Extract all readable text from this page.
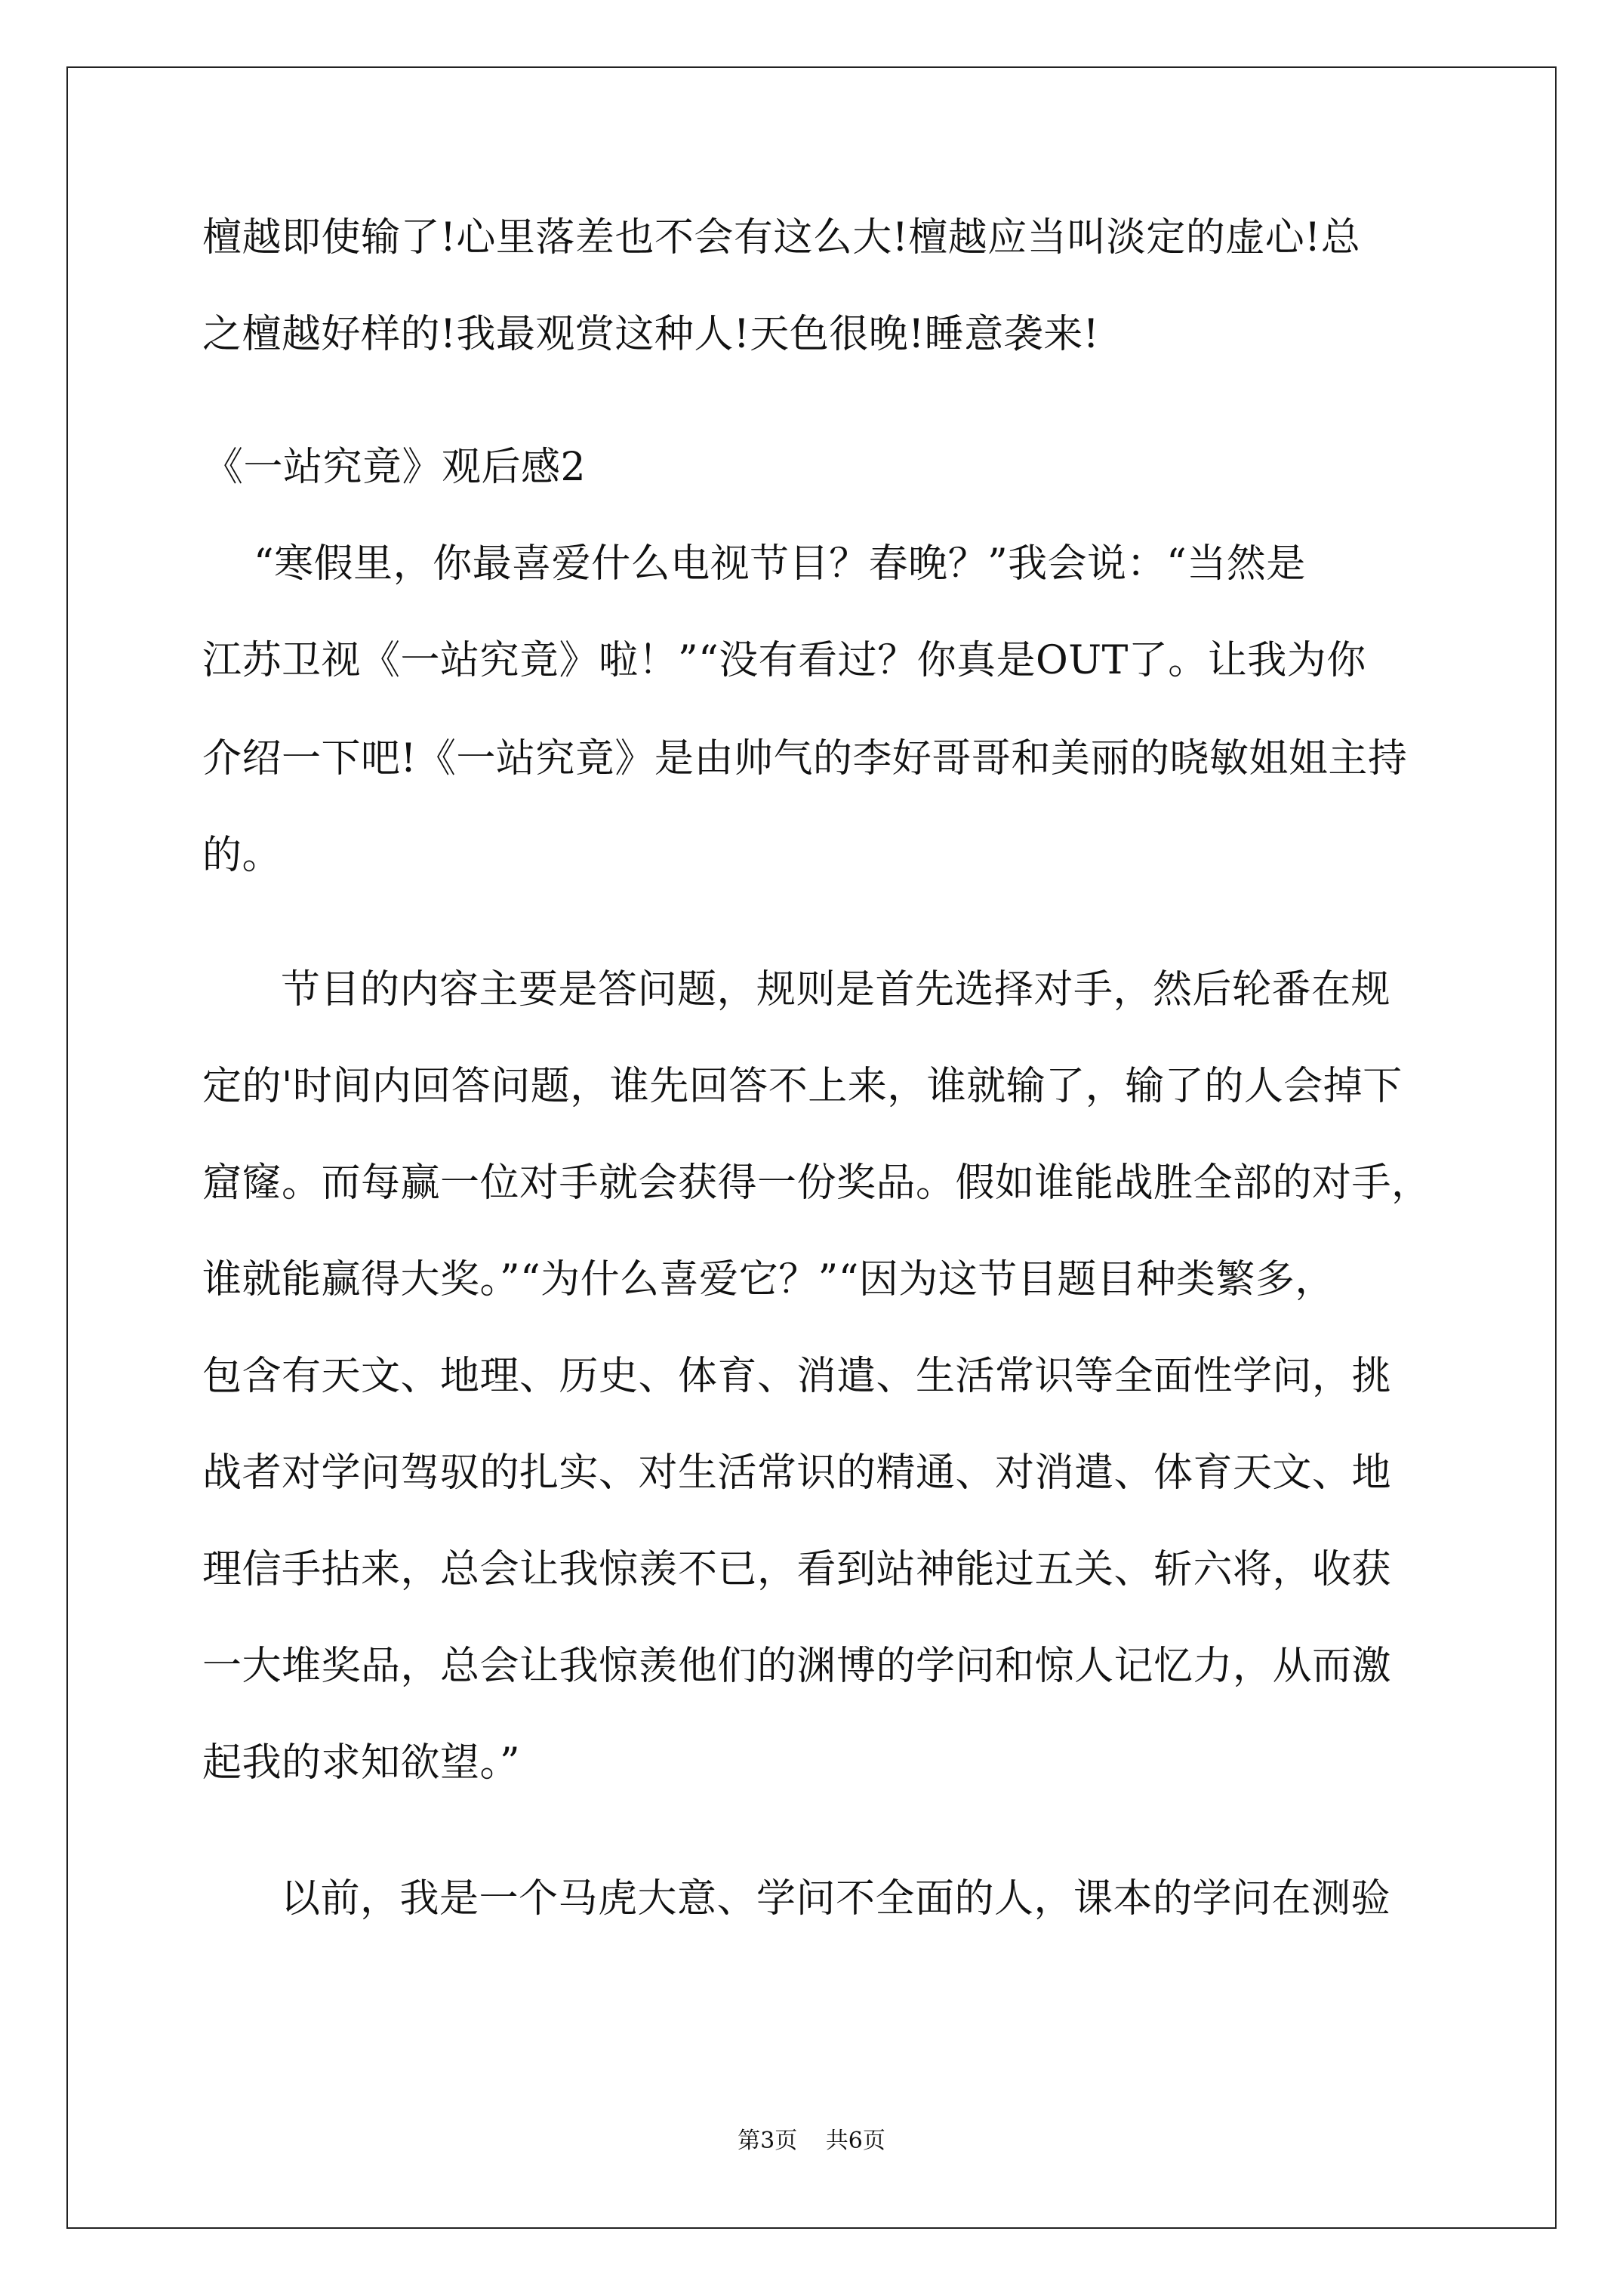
檀越即使输了!心里落差也不会有这么大!檀越应当叫淡定的虚心!总
之檀越好样的!我最观赏这种人!天色很晚!睡意袭来!
《一站究竟》观后感2
“寒假里，你最喜爱什么电视节目？春晚？”我会说：“当然是
江苏卫视《一站究竟》啦！”“没有看过？你真是OUT了。让我为你
介绍一下吧!《一站究竟》是由帅气的李好哥哥和美丽的晓敏姐姐主持
的。
节目的内容主要是答问题，规则是首先选择对手，然后轮番在规
定的'时间内回答问题，谁先回答不上来，谁就输了，输了的人会掉下
窟窿。而每赢一位对手就会获得一份奖品。假如谁能战胜全部的对手，
谁就能赢得大奖。”“为什么喜爱它？”“因为这节目题目种类繁多，
包含有天文、地理、历史、体育、消遣、生活常识等全面性学问，挑
战者对学问驾驭的扎实、对生活常识的精通、对消遣、体育天文、地
理信手拈来，总会让我惊羡不已，看到站神能过五关、斩六将，收获
一大堆奖品，总会让我惊羡他们的渊博的学问和惊人记忆力，从而激
起我的求知欲望。”
以前，我是一个马虎大意、学问不全面的人，课本的学问在测验
第3页 共6页
